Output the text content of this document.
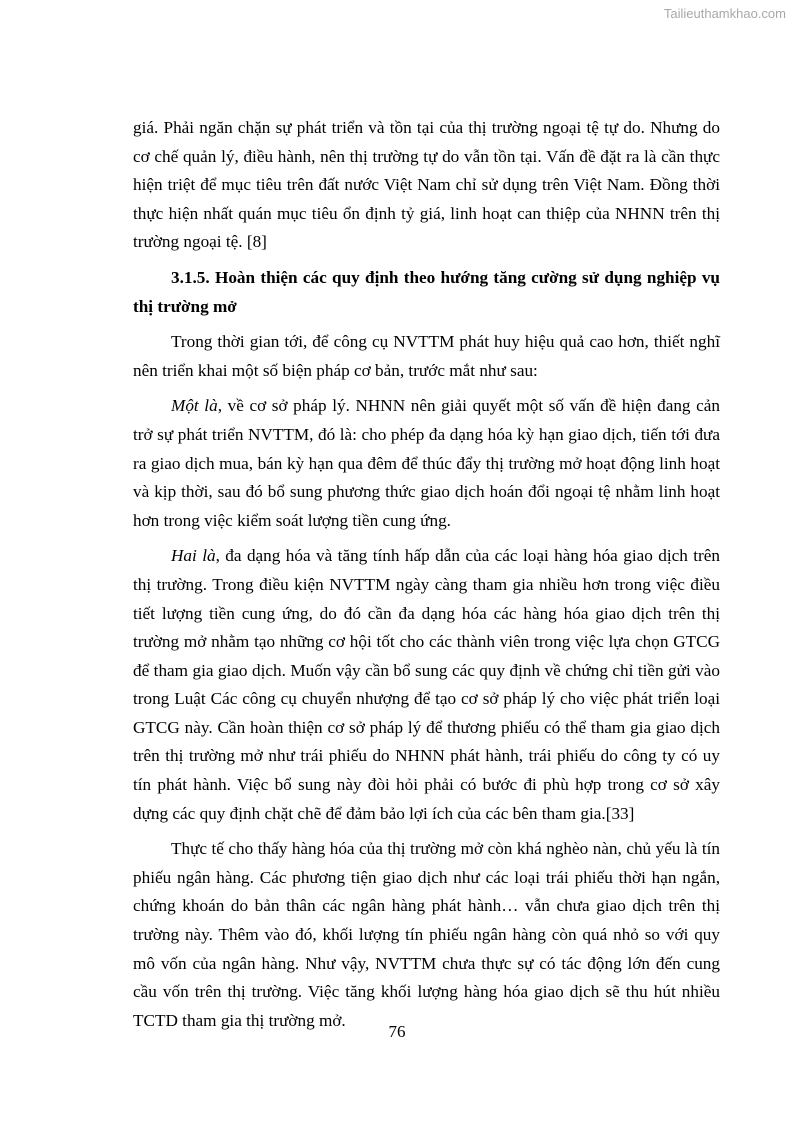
Tailieuthamkhao.com

giá. Phải ngăn chặn sự phát triển và tồn tại của thị trường ngoại tệ tự do. Nhưng do cơ chế quản lý, điều hành, nên thị trường tự do vẫn tồn tại. Vấn đề đặt ra là cần thực hiện triệt để mục tiêu trên đất nước Việt Nam chỉ sử dụng trên Việt Nam. Đồng thời thực hiện nhất quán mục tiêu ổn định tỷ giá, linh hoạt can thiệp của NHNN trên thị trường ngoại tệ. [8]

3.1.5. Hoàn thiện các quy định theo hướng tăng cường sử dụng nghiệp vụ thị trường mở

Trong thời gian tới, để công cụ NVTTM phát huy hiệu quả cao hơn, thiết nghĩ nên triển khai một số biện pháp cơ bản, trước mắt như sau:

Một là, về cơ sở pháp lý. NHNN nên giải quyết một số vấn đề hiện đang cản trở sự phát triển NVTTM, đó là: cho phép đa dạng hóa kỳ hạn giao dịch, tiến tới đưa ra giao dịch mua, bán kỳ hạn qua đêm để thúc đẩy thị trường mở hoạt động linh hoạt và kịp thời, sau đó bổ sung phương thức giao dịch hoán đổi ngoại tệ nhằm linh hoạt hơn trong việc kiểm soát lượng tiền cung ứng.

Hai là, đa dạng hóa và tăng tính hấp dẫn của các loại hàng hóa giao dịch trên thị trường. Trong điều kiện NVTTM ngày càng tham gia nhiều hơn trong việc điều tiết lượng tiền cung ứng, do đó cần đa dạng hóa các hàng hóa giao dịch trên thị trường mở nhằm tạo những cơ hội tốt cho các thành viên trong việc lựa chọn GTCG để tham gia giao dịch. Muốn vậy cần bổ sung các quy định về chứng chỉ tiền gửi vào trong Luật Các công cụ chuyển nhượng để tạo cơ sở pháp lý cho việc phát triển loại GTCG này. Cần hoàn thiện cơ sở pháp lý để thương phiếu có thể tham gia giao dịch trên thị trường mở như trái phiếu do NHNN phát hành, trái phiếu do công ty có uy tín phát hành. Việc bổ sung này đòi hỏi phải có bước đi phù hợp trong cơ sở xây dựng các quy định chặt chẽ để đảm bảo lợi ích của các bên tham gia.[33]

Thực tế cho thấy hàng hóa của thị trường mở còn khá nghèo nàn, chủ yếu là tín phiếu ngân hàng. Các phương tiện giao dịch như các loại trái phiếu thời hạn ngắn, chứng khoán do bản thân các ngân hàng phát hành… vẫn chưa giao dịch trên thị trường này. Thêm vào đó, khối lượng tín phiếu ngân hàng còn quá nhỏ so với quy mô vốn của ngân hàng. Như vậy, NVTTM chưa thực sự có tác động lớn đến cung cầu vốn trên thị trường. Việc tăng khối lượng hàng hóa giao dịch sẽ thu hút nhiều TCTD tham gia thị trường mở.

76
